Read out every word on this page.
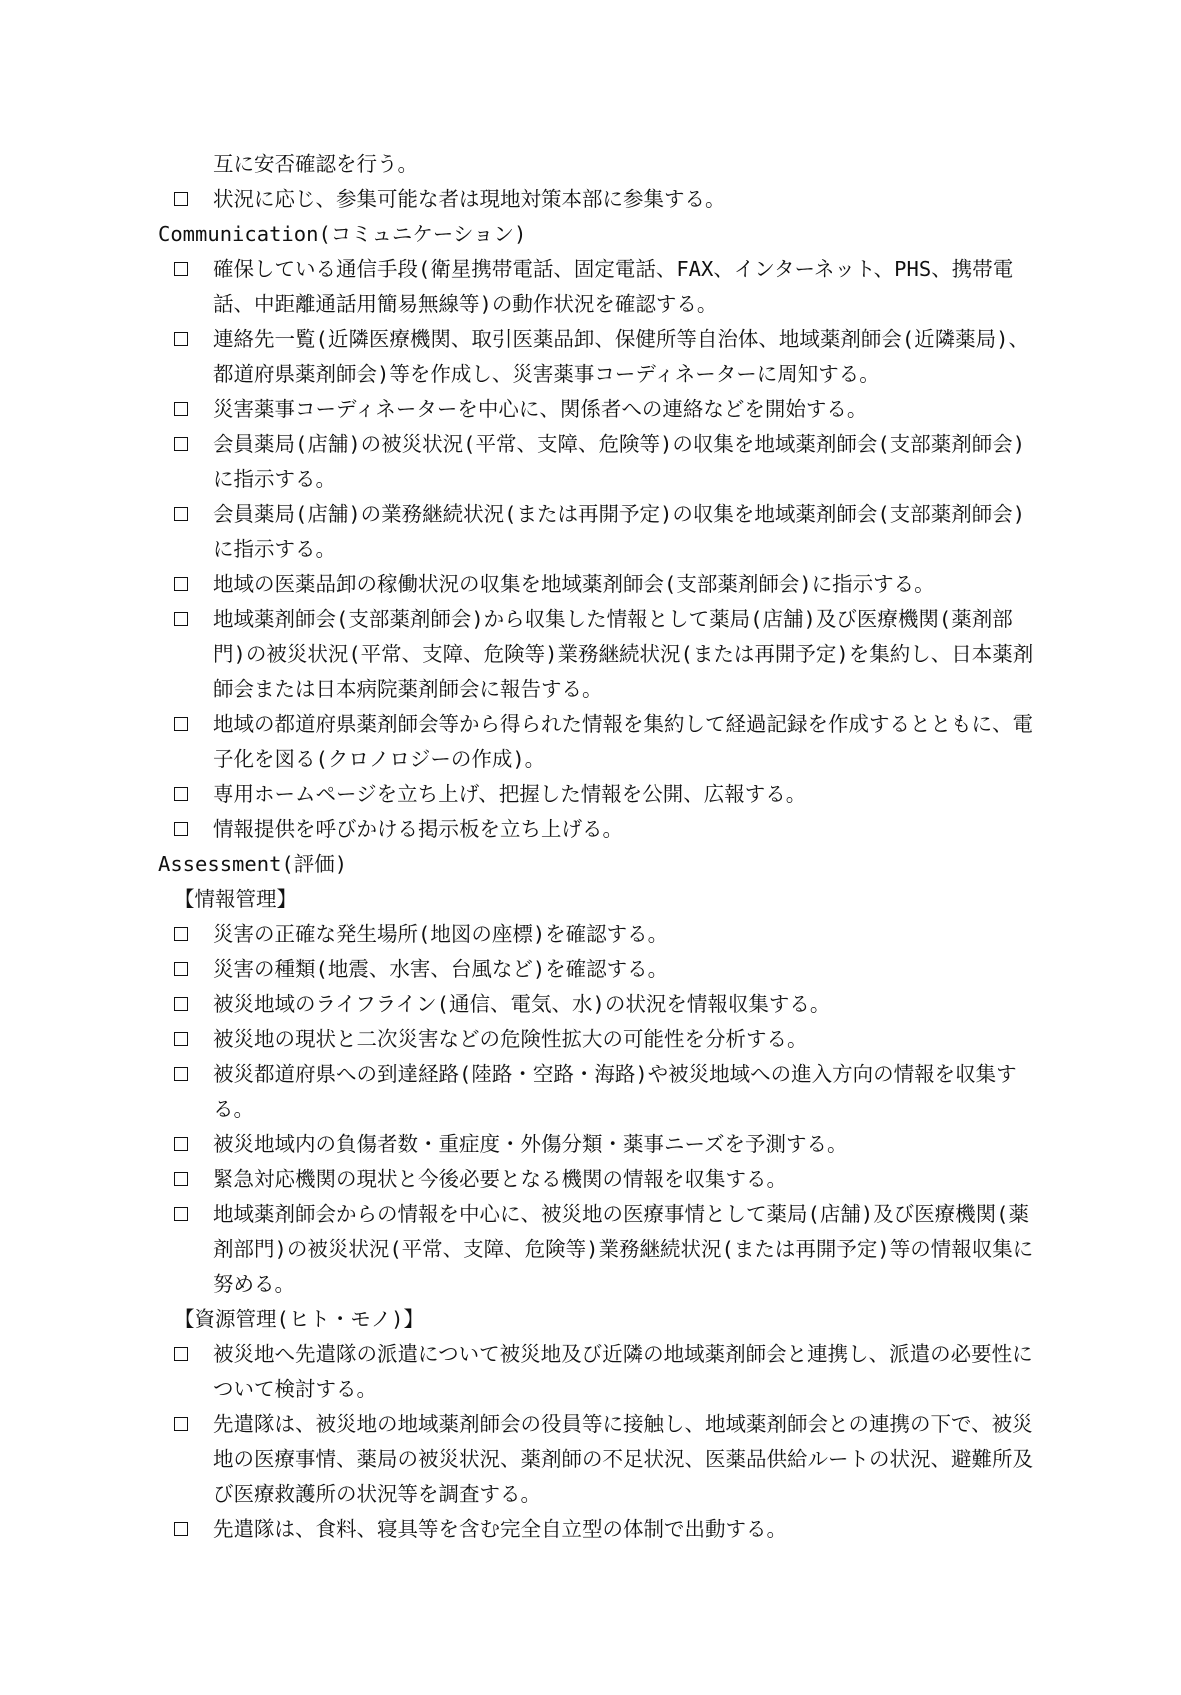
互に安否確認を行う。
状況に応じ、参集可能な者は現地対策本部に参集する。
Communication(コミュニケーション)
確保している通信手段(衛星携帯電話、固定電話、FAX、インターネット、PHS、携帯電話、中距離通話用簡易無線等)の動作状況を確認する。
連絡先一覧(近隣医療機関、取引医薬品卸、保健所等自治体、地域薬剤師会(近隣薬局)、都道府県薬剤師会)等を作成し、災害薬事コーディネーターに周知する。
災害薬事コーディネーターを中心に、関係者への連絡などを開始する。
会員薬局(店舗)の被災状況(平常、支障、危険等)の収集を地域薬剤師会(支部薬剤師会)に指示する。
会員薬局(店舗)の業務継続状況(または再開予定)の収集を地域薬剤師会(支部薬剤師会)に指示する。
地域の医薬品卸の稼働状況の収集を地域薬剤師会(支部薬剤師会)に指示する。
地域薬剤師会(支部薬剤師会)から収集した情報として薬局(店舗)及び医療機関(薬剤部門)の被災状況(平常、支障、危険等)業務継続状況(または再開予定)を集約し、日本薬剤師会または日本病院薬剤師会に報告する。
地域の都道府県薬剤師会等から得られた情報を集約して経過記録を作成するとともに、電子化を図る(クロノロジーの作成)。
専用ホームページを立ち上げ、把握した情報を公開、広報する。
情報提供を呼びかける掲示板を立ち上げる。
Assessment(評価)
【情報管理】
災害の正確な発生場所(地図の座標)を確認する。
災害の種類(地震、水害、台風など)を確認する。
被災地域のライフライン(通信、電気、水)の状況を情報収集する。
被災地の現状と二次災害などの危険性拡大の可能性を分析する。
被災都道府県への到達経路(陸路・空路・海路)や被災地域への進入方向の情報を収集する。
被災地域内の負傷者数・重症度・外傷分類・薬事ニーズを予測する。
緊急対応機関の現状と今後必要となる機関の情報を収集する。
地域薬剤師会からの情報を中心に、被災地の医療事情として薬局(店舗)及び医療機関(薬剤部門)の被災状況(平常、支障、危険等)業務継続状況(または再開予定)等の情報収集に努める。
【資源管理(ヒト・モノ)】
被災地へ先遣隊の派遣について被災地及び近隣の地域薬剤師会と連携し、派遣の必要性について検討する。
先遣隊は、被災地の地域薬剤師会の役員等に接触し、地域薬剤師会との連携の下で、被災地の医療事情、薬局の被災状況、薬剤師の不足状況、医薬品供給ルートの状況、避難所及び医療救護所の状況等を調査する。
先遣隊は、食料、寝具等を含む完全自立型の体制で出動する。
